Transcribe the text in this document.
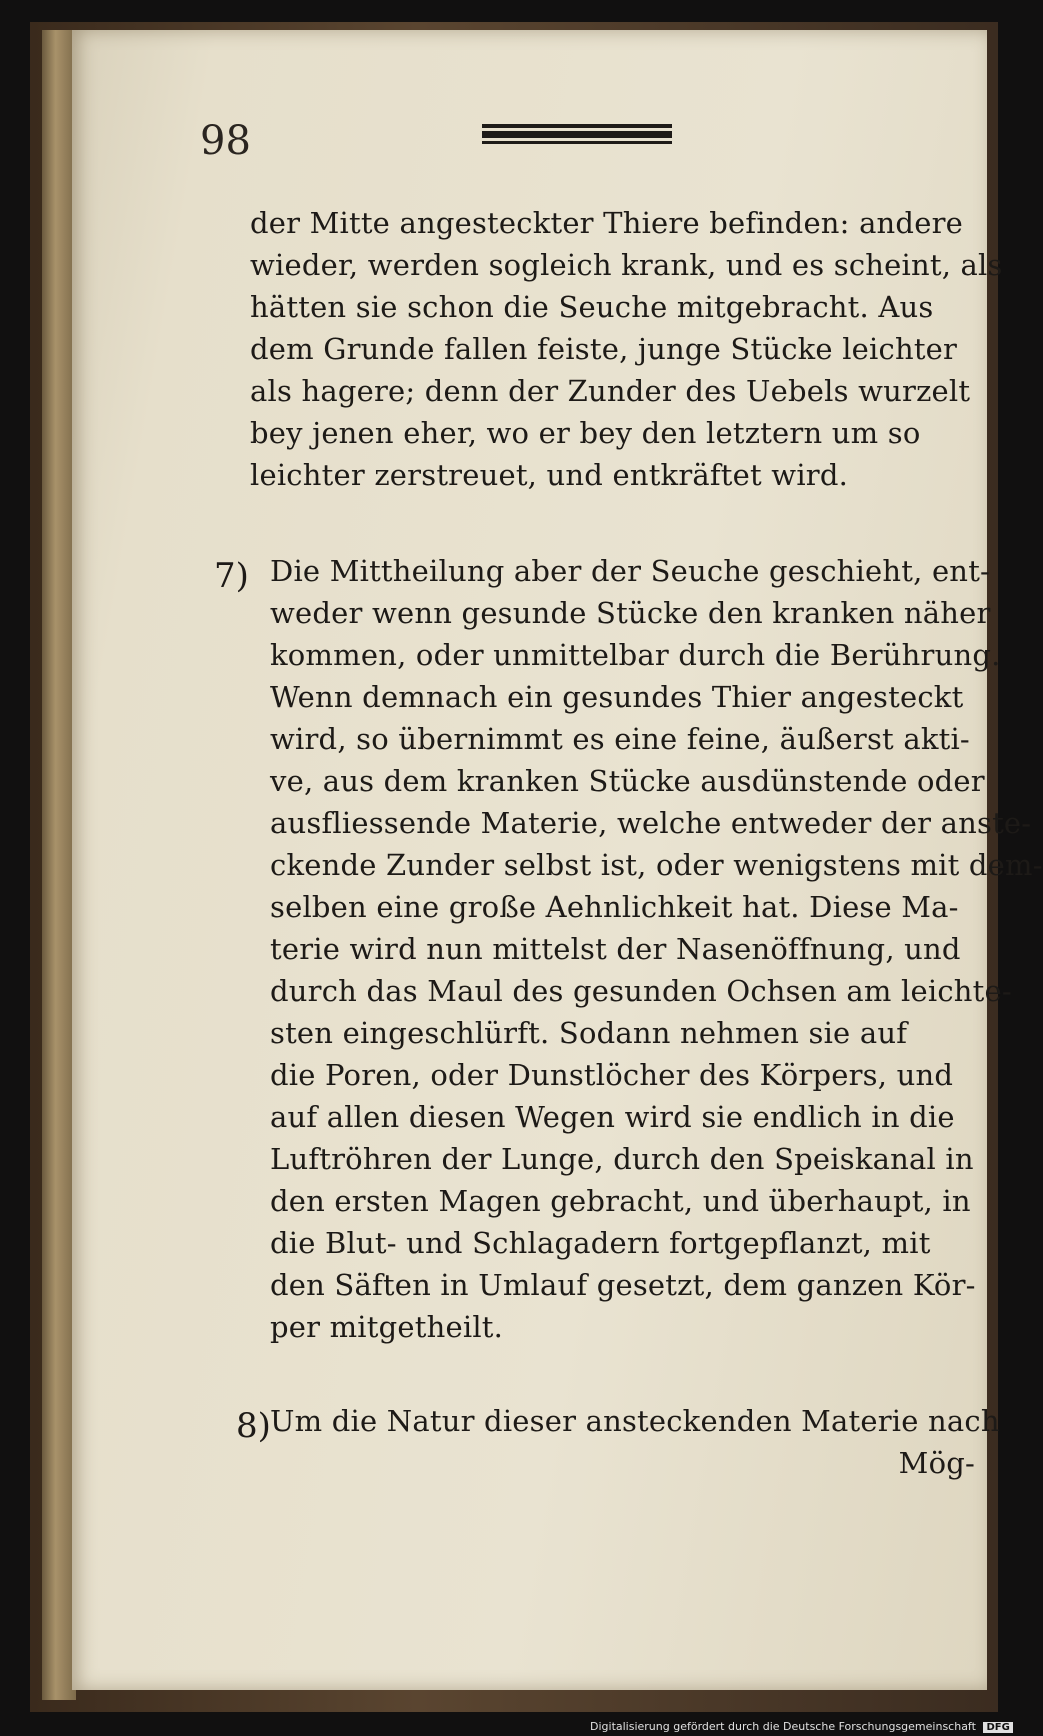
98
der Mitte angesteckter Thiere befinden: andere
wieder, werden sogleich krank, und es scheint, als
hätten sie schon die Seuche mitgebracht. Aus
dem Grunde fallen feiste, junge Stücke leichter
als hagere; denn der Zunder des Uebels wurzelt
bey jenen eher, wo er bey den letztern um so
leichter zerstreuet, und entkräftet wird.
7) Die Mittheilung aber der Seuche geschieht, ent-
weder wenn gesunde Stücke den kranken näher
kommen, oder unmittelbar durch die Berührung.
Wenn demnach ein gesundes Thier angesteckt
wird, so übernimmt es eine feine, äußerst akti-
ve, aus dem kranken Stücke ausdünstende oder
ausfliessende Materie, welche entweder der anste-
ckende Zunder selbst ist, oder wenigstens mit dem-
selben eine große Aehnlichkeit hat. Diese Ma-
terie wird nun mittelst der Nasenöffnung, und
durch das Maul des gesunden Ochsen am leichte-
sten eingeschlürft. Sodann nehmen sie auf
die Poren, oder Dunstlöcher des Körpers, und
auf allen diesen Wegen wird sie endlich in die
Luftröhren der Lunge, durch den Speiskanal in
den ersten Magen gebracht, und überhaupt, in
die Blut- und Schlagadern fortgepflanzt, mit
den Säften in Umlauf gesetzt, dem ganzen Kör-
per mitgetheilt.
8) Um die Natur dieser ansteckenden Materie nach
Mög-
Digitalisierung gefördert durch die Deutsche Forschungsgemeinschaft DFG
